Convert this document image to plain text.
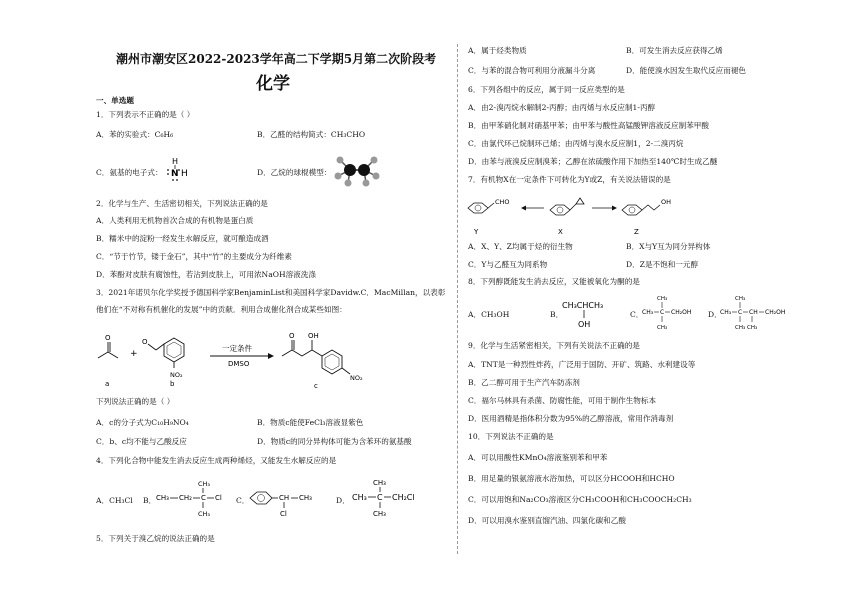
潮州市潮安区2022-2023学年高二下学期5月第二次阶段考
化学
一、单选题
1．下列表示不正确的是（ ）
A．苯的实验式：C₆H₆	B．乙醛的结构简式：CH₃CHO
C．氨基的电子式：
H
N H	D．乙烷的球棍模型：
2．化学与生产、生活密切相关，下列说法正确的是
A．人类利用无机物首次合成的有机物是蛋白质
B．糯米中的淀粉一经发生水解反应，就可酿造成酒
C．“节于竹节，镂于金石”，其中“竹”的主要成分为纤维素
D．苯酚对皮肤有腐蚀性，若沾到皮肤上，可用浓NaOH溶液洗涤
3．2021年诺贝尔化学奖授予德国科学家BenjaminList和美国科学家Davidw.C．MacMillan，以表彰
他们在“不对称有机催化的发展”中的贡献．利用合成催化剂合成某些如图：
O
a
+
O
NO₂
b
一定条件
DMSO
O OH
NO₂
c
下列说法正确的是（ ）
A．c的分子式为C₁₀H₉NO₄	B．物质c能使FeCl₃溶液显紫色
C．b、c均不能与乙酸反应	D．物质c的同分异构体可能为含苯环的氨基酸
4．下列化合物中能发生消去反应生成两种烯烃，又能发生水解反应的是
A．CH₃Cl B． CH₃ CH₂ C Cl
CH₃
CH₃
C．	CH CH₃
Cl
D． CH₃ C CH₂Cl
CH₃
CH₃
5．下列关于溴乙烷的说法正确的是
A．属于烃类物质	B．可发生消去反应获得乙烯
C．与苯的混合物可利用分液漏斗分离	D．能使溴水因发生取代反应而褪色
6．下列各组中的反应，属于同一反应类型的是
A．由2-溴丙烷水解制2-丙醇；由丙烯与水反应制1-丙醇
B．由甲苯硝化制对硝基甲苯；由甲苯与酸性高锰酸钾溶液反应制苯甲酸
C．由氯代环己烷制环己烯；由丙烯与溴水反应制1，2-二溴丙烷
D．由苯与液溴反应制溴苯；乙醇在浓硫酸作用下加热至140℃时生成乙醚
7．有机物X在一定条件下可转化为Y或Z，有关说法错误的是
CHO
Y	X
OH
Z
A．X、Y、Z均属于烃的衍生物	B．X与Y互为同分异构体
C．Y与乙醛互为同系物	D．Z是不饱和一元醇
8．下列醇既能发生消去反应，又能被氧化为酮的是
A．CH₃OH	B．
CH₃CHCH₃
OH
C．
CH₃ C CH₂OH
CH₃
CH₃
D．
CH₃ C CH CH₂OH
CH₃
CH₃ CH₃
9．化学与生活紧密相关，下列有关说法不正确的是
A．TNT是一种烈性炸药，广泛用于国防、开矿、筑路、水利建设等
B．乙二醇可用于生产汽车防冻剂
C．福尔马林具有杀菌、防腐性能，可用于制作生物标本
D．医用酒精是指体积分数为95%的乙醇溶液，常用作消毒剂
10．下列说法不正确的是
A．可以用酸性KMnO₄溶液鉴别苯和甲苯
B．用足量的银氨溶液水浴加热，可以区分HCOOH和HCHO
C．可以用饱和Na₂CO₃溶液区分CH₃COOH和CH₃COOCH₂CH₃
D．可以用溴水鉴别直馏汽油、四氯化碳和乙酸
